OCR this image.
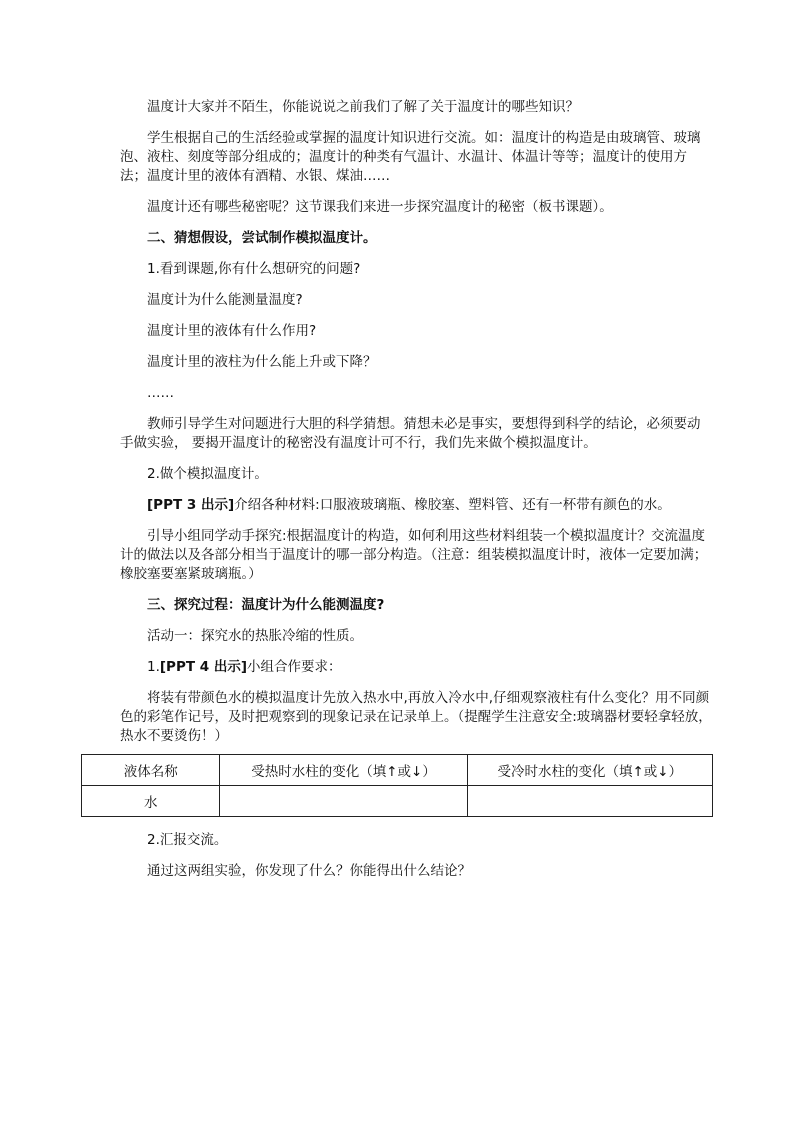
温度计大家并不陌生，你能说说之前我们了解了关于温度计的哪些知识？

学生根据自己的生活经验或掌握的温度计知识进行交流。如：温度计的构造是由玻璃管、玻璃泡、液柱、刻度等部分组成的；温度计的种类有气温计、水温计、体温计等等；温度计的使用方法；温度计里的液体有酒精、水银、煤油……

温度计还有哪些秘密呢？这节课我们来进一步探究温度计的秘密（板书课题）。

二、猜想假设，尝试制作模拟温度计。

1.看到课题,你有什么想研究的问题?

温度计为什么能测量温度?

温度计里的液体有什么作用?

温度计里的液柱为什么能上升或下降？

……

教师引导学生对问题进行大胆的科学猜想。猜想未必是事实，要想得到科学的结论，必须要动手做实验， 要揭开温度计的秘密没有温度计可不行，我们先来做个模拟温度计。

2.做个模拟温度计。

[PPT 3 出示]介绍各种材料:口服液玻璃瓶、橡胶塞、塑料管、还有一杯带有颜色的水。

引导小组同学动手探究:根据温度计的构造，如何利用这些材料组装一个模拟温度计？交流温度计的做法以及各部分相当于温度计的哪一部分构造。（注意：组装模拟温度计时，液体一定要加满；橡胶塞要塞紧玻璃瓶。）

三、探究过程：温度计为什么能测温度?

活动一：探究水的热胀冷缩的性质。

1.[PPT 4 出示]小组合作要求：

将装有带颜色水的模拟温度计先放入热水中,再放入冷水中,仔细观察液柱有什么变化？用不同颜色的彩笔作记号，及时把观察到的现象记录在记录单上。（提醒学生注意安全:玻璃器材要轻拿轻放，热水不要烫伤！）

液体名称	受热时水柱的变化（填↑或↓）	受冷时水柱的变化（填↑或↓）
水		

2.汇报交流。

通过这两组实验，你发现了什么？你能得出什么结论？
